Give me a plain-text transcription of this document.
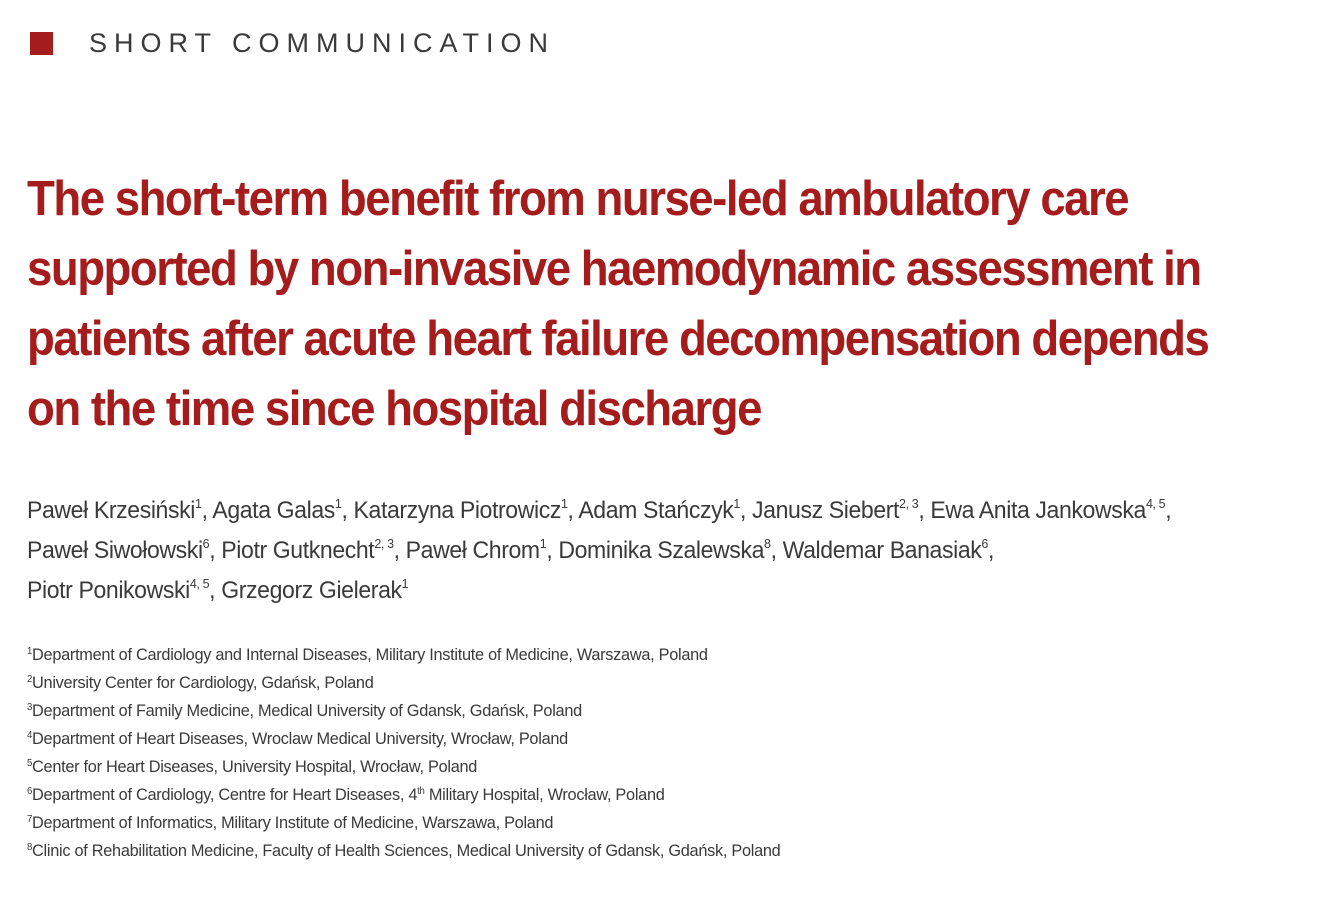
SHORT COMMUNICATION
The short-term benefit from nurse-led ambulatory care supported by non-invasive haemodynamic assessment in patients after acute heart failure decompensation depends on the time since hospital discharge
Paweł Krzesiński$^1$, Agata Galas$^1$, Katarzyna Piotrowicz$^1$, Adam Stańczyk$^1$, Janusz Siebert$^{2, 3}$, Ewa Anita Jankowska$^{4, 5}$,
Paweł Siwołowski$^6$, Piotr Gutknecht$^{2, 3}$, Paweł Chrom$^1$, Dominika Szalewska$^8$, Waldemar Banasiak$^6$,
Piotr Ponikowski$^{4, 5}$, Grzegorz Gielerak$^1$
$^1$Department of Cardiology and Internal Diseases, Military Institute of Medicine, Warszawa, Poland
$^2$University Center for Cardiology, Gdańsk, Poland
$^3$Department of Family Medicine, Medical University of Gdansk, Gdańsk, Poland
$^4$Department of Heart Diseases, Wroclaw Medical University, Wrocław, Poland
$^5$Center for Heart Diseases, University Hospital, Wrocław, Poland
$^6$Department of Cardiology, Centre for Heart Diseases, 4th Military Hospital, Wrocław, Poland
$^7$Department of Informatics, Military Institute of Medicine, Warszawa, Poland
$^8$Clinic of Rehabilitation Medicine, Faculty of Health Sciences, Medical University of Gdansk, Gdańsk, Poland
